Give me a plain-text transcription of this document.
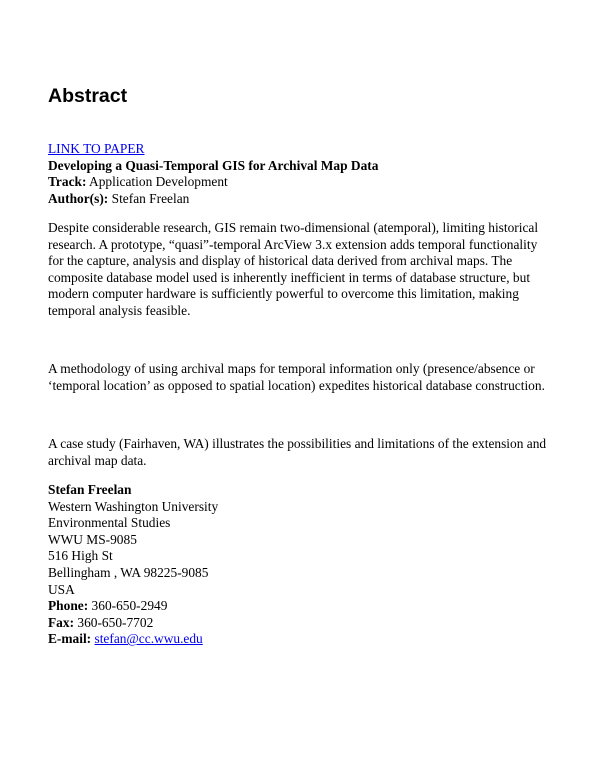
Abstract
LINK TO PAPER
Developing a Quasi-Temporal GIS for Archival Map Data
Track: Application Development
Author(s): Stefan Freelan
Despite considerable research, GIS remain two-dimensional (atemporal), limiting historical
research. A prototype, “quasi”-temporal ArcView 3.x extension adds temporal functionality
for the capture, analysis and display of historical data derived from archival maps. The
composite database model used is inherently inefficient in terms of database structure, but
modern computer hardware is sufficiently powerful to overcome this limitation, making
temporal analysis feasible.
A methodology of using archival maps for temporal information only (presence/absence or
‘temporal location’ as opposed to spatial location) expedites historical database construction.
A case study (Fairhaven, WA) illustrates the possibilities and limitations of the extension and
archival map data.
Stefan Freelan
Western Washington University
Environmental Studies
WWU MS-9085
516 High St
Bellingham , WA 98225-9085
USA
Phone: 360-650-2949
Fax: 360-650-7702
E-mail: stefan@cc.wwu.edu
